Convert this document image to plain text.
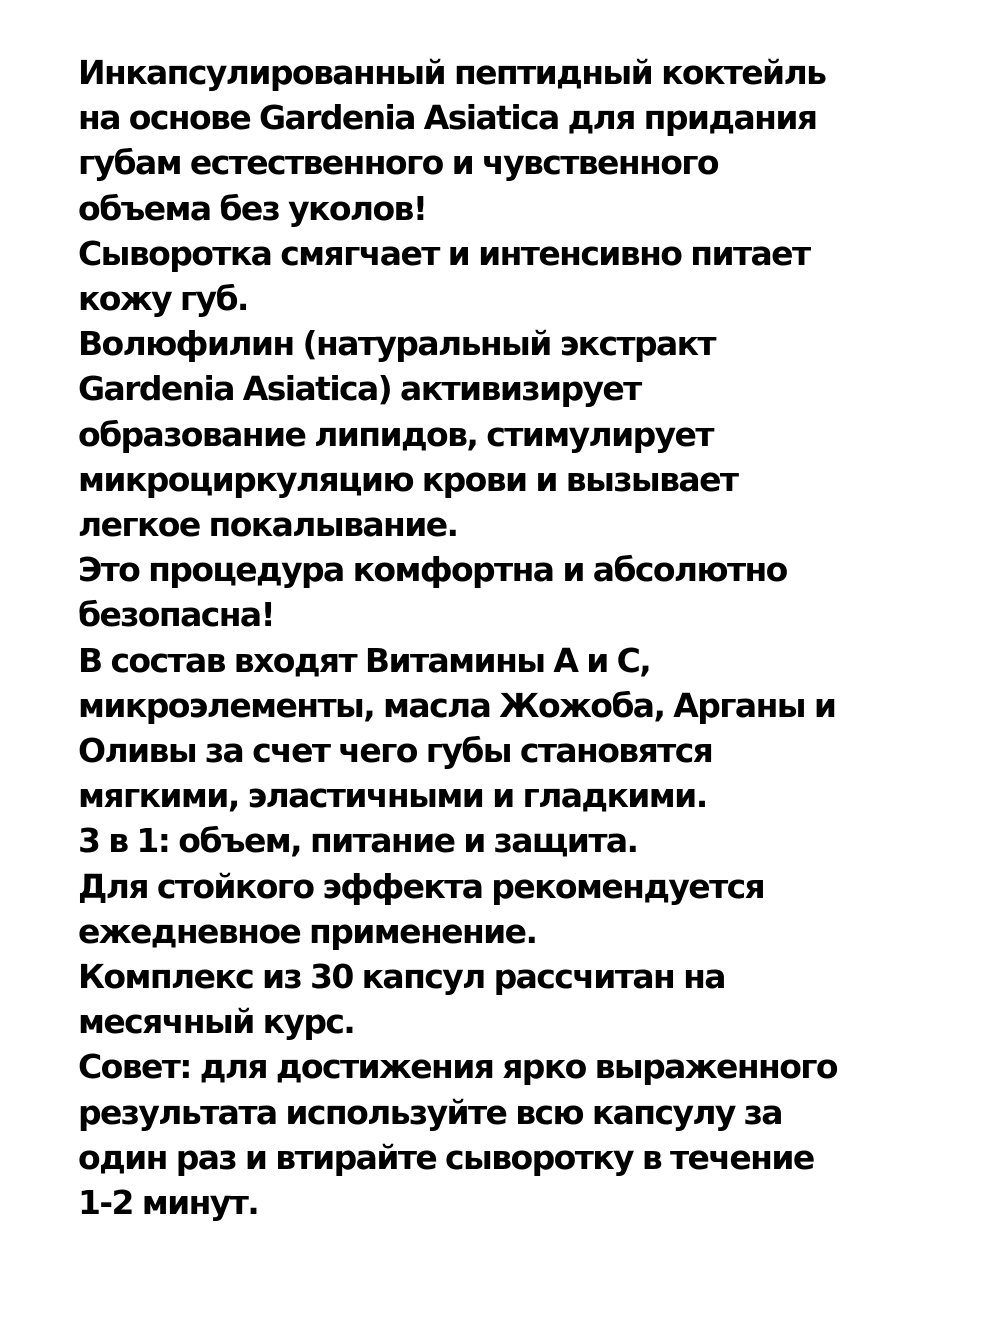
Инкапсулированный пептидный коктейль
на основе Gardenia Asiatica для придания
губам естественного и чувственного
объема без уколов!

Сыворотка смягчает и интенсивно питает
кожу губ.

Волюфилин (натуральный экстракт
Gardenia Asiatica) активизирует
образование липидов, стимулирует
микроциркуляцию крови и вызывает
легкое покалывание.

Это процедура комфортна и абсолютно
безопасна!

В состав входят Витамины А и С,
микроэлементы, масла Жожоба, Арганы и
Оливы за счет чего губы становятся
мягкими, эластичными и гладкими.

3 в 1: объем, питание и защита.

Для стойкого эффекта рекомендуется
ежедневное применение.

Комплекс из 30 капсул рассчитан на
месячный курс.

Совет: для достижения ярко выраженного
результата используйте всю капсулу за
один раз и втирайте сыворотку в течение
1-2 минут.
